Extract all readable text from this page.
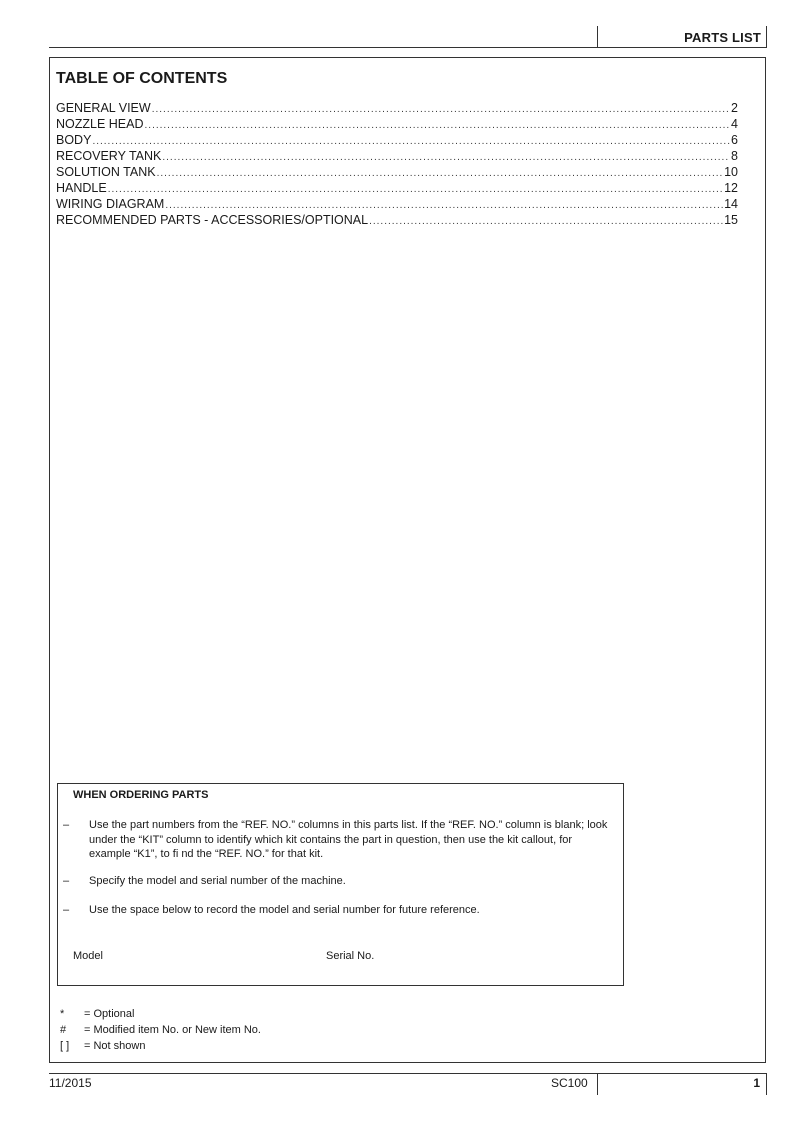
PARTS LIST
TABLE OF CONTENTS
GENERAL VIEW .....	2
NOZZLE HEAD .....	4
BODY .....	6
RECOVERY TANK .....	8
SOLUTION TANK .....	10
HANDLE .....	12
WIRING DIAGRAM .....	14
RECOMMENDED PARTS - ACCESSORIES/OPTIONAL .....	15
WHEN ORDERING PARTS
–	Use the part numbers from the “REF. NO.” columns in this parts list. If the “REF. NO.” column is blank; look under the “KIT” column to identify which kit contains the part in question, then use the kit callout, for example “K1”, to fi nd the “REF. NO.” for that kit.
–	Specify the model and serial number of the machine.
–	Use the space below to record the model and serial number for future reference.
Model	Serial No.
*	= Optional
#	= Modified item No. or New item No.
[ ]	= Not shown
11/2015	SC100	1
